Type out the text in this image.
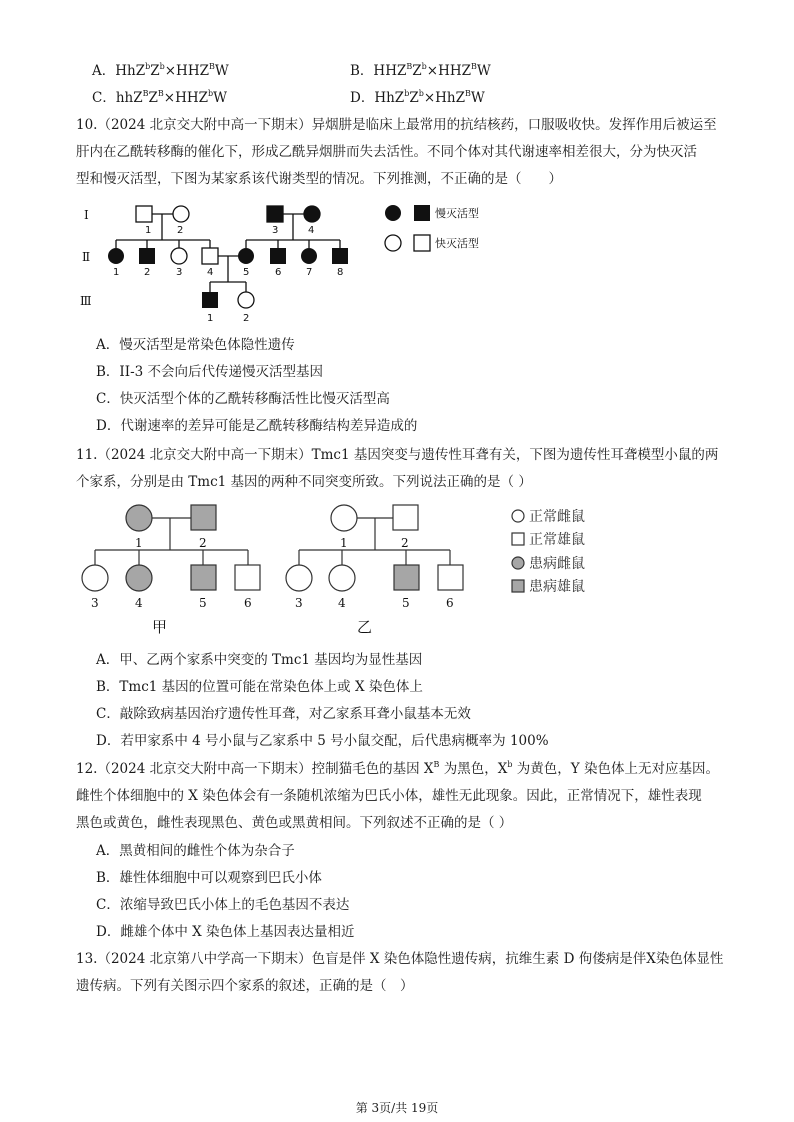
A．$HhZ^bZ^b\times HHZ^BW$	B．$HHZ^BZ^b\times HHZ^BW$
C．$hhZ^BZ^B\times HHZ^bW$	D．$HhZ^bZ^b\times HhZ^BW$
10.（2024 北京交大附中高一下期末）异烟肼是临床上最常用的抗结核药，口服吸收快。发挥作用后被运至
肝内在乙酰转移酶的催化下，形成乙酰异烟肼而失去活性。不同个体对其代谢速率相差很大，分为快灭活
型和慢灭活型，下图为某家系该代谢类型的情况。下列推测，不正确的是（　　）
Ⅰ
Ⅱ
Ⅲ
1	2	3	4
1 2	3 4	5	6 7 8
1	2
慢灭活型
快灭活型
A．慢灭活型是常染色体隐性遗传
B．II-3 不会向后代传递慢灭活型基因
C．快灭活型个体的乙酰转移酶活性比慢灭活型高
D．代谢速率的差异可能是乙酰转移酶结构差异造成的
11.（2024 北京交大附中高一下期末）Tmc1 基因突变与遗传性耳聋有关，下图为遗传性耳聋模型小鼠的两
个家系，分别是由 Tmc1 基因的两种不同突变所致。下列说法正确的是（ ）
1	2
3	4	5	6
1	2
3	4	5	6
甲	乙
正常雌鼠
正常雄鼠
患病雌鼠
患病雄鼠
A．甲、乙两个家系中突变的 Tmc1 基因均为显性基因
B．Tmc1 基因的位置可能在常染色体上或 X 染色体上
C．敲除致病基因治疗遗传性耳聋，对乙家系耳聋小鼠基本无效
D．若甲家系中 4 号小鼠与乙家系中 5 号小鼠交配，后代患病概率为 100%
12.（2024 北京交大附中高一下期末）控制猫毛色的基因 $X^B$ 为黑色，$X^b$ 为黄色，Y 染色体上无对应基因。
雌性个体细胞中的 X 染色体会有一条随机浓缩为巴氏小体，雄性无此现象。因此，正常情况下，雄性表现
黑色或黄色，雌性表现黑色、黄色或黑黄相间。下列叙述不正确的是（ ）
A．黑黄相间的雌性个体为杂合子
B．雄性体细胞中可以观察到巴氏小体
C．浓缩导致巴氏小体上的毛色基因不表达
D．雌雄个体中 X 染色体上基因表达量相近
13.（2024 北京第八中学高一下期末）色盲是伴 X 染色体隐性遗传病，抗维生素 D 佝偻病是伴X染色体显性
遗传病。下列有关图示四个家系的叙述，正确的是（　）
第 3页/共 19页
